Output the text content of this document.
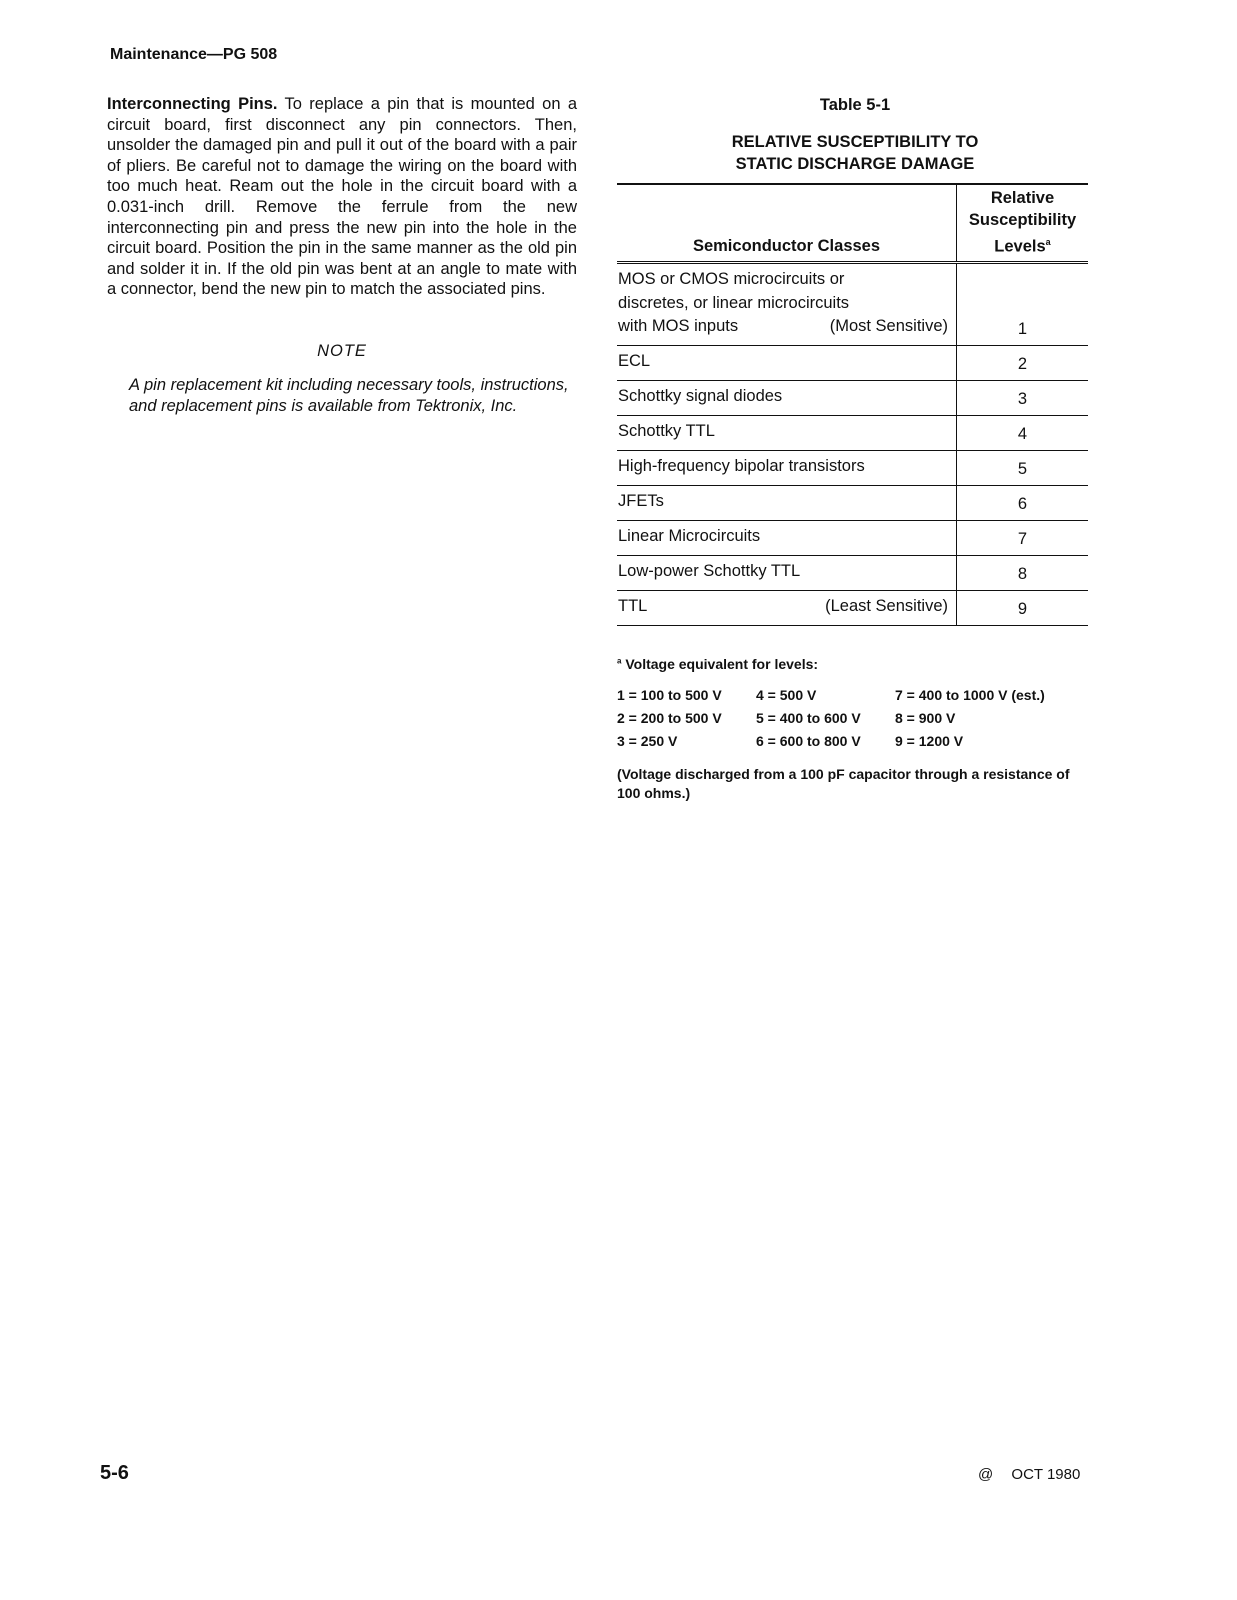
Maintenance—PG 508

Interconnecting Pins. To replace a pin that is mounted on a circuit board, first disconnect any pin connectors. Then, unsolder the damaged pin and pull it out of the board with a pair of pliers. Be careful not to damage the wiring on the board with too much heat. Ream out the hole in the circuit board with a 0.031-inch drill. Remove the ferrule from the new interconnecting pin and press the new pin into the hole in the circuit board. Position the pin in the same manner as the old pin and solder it in. If the old pin was bent at an angle to mate with a connector, bend the new pin to match the associated pins.

NOTE

A pin replacement kit including necessary tools, instructions, and replacement pins is available from Tektronix, Inc.

Table 5-1
RELATIVE SUSCEPTIBILITY TO
STATIC DISCHARGE DAMAGE
Semiconductor Classes	Relative
Susceptibility
Levels$^a$

MOS or CMOS microcircuits or
discretes, or linear microcircuits
with MOS inputs (Most Sensitive)	1
ECL	2
Schottky signal diodes	3
Schottky TTL	4
High-frequency bipolar transistors	5
JFETs	6
Linear Microcircuits	7
Low-power Schottky TTL	8

TTL (Least Sensitive)	9
$^a$ Voltage equivalent for levels:
1 = 100 to 500 V	4 = 500 V	7 = 400 to 1000 V (est.)
2 = 200 to 500 V	5 = 400 to 600 V	8 = 900 V
3 = 250 V	6 = 600 to 800 V	9 = 1200 V
(Voltage discharged from a 100 pF capacitor through a resistance of 100 ohms.)
5-6	@ OCT 1980
